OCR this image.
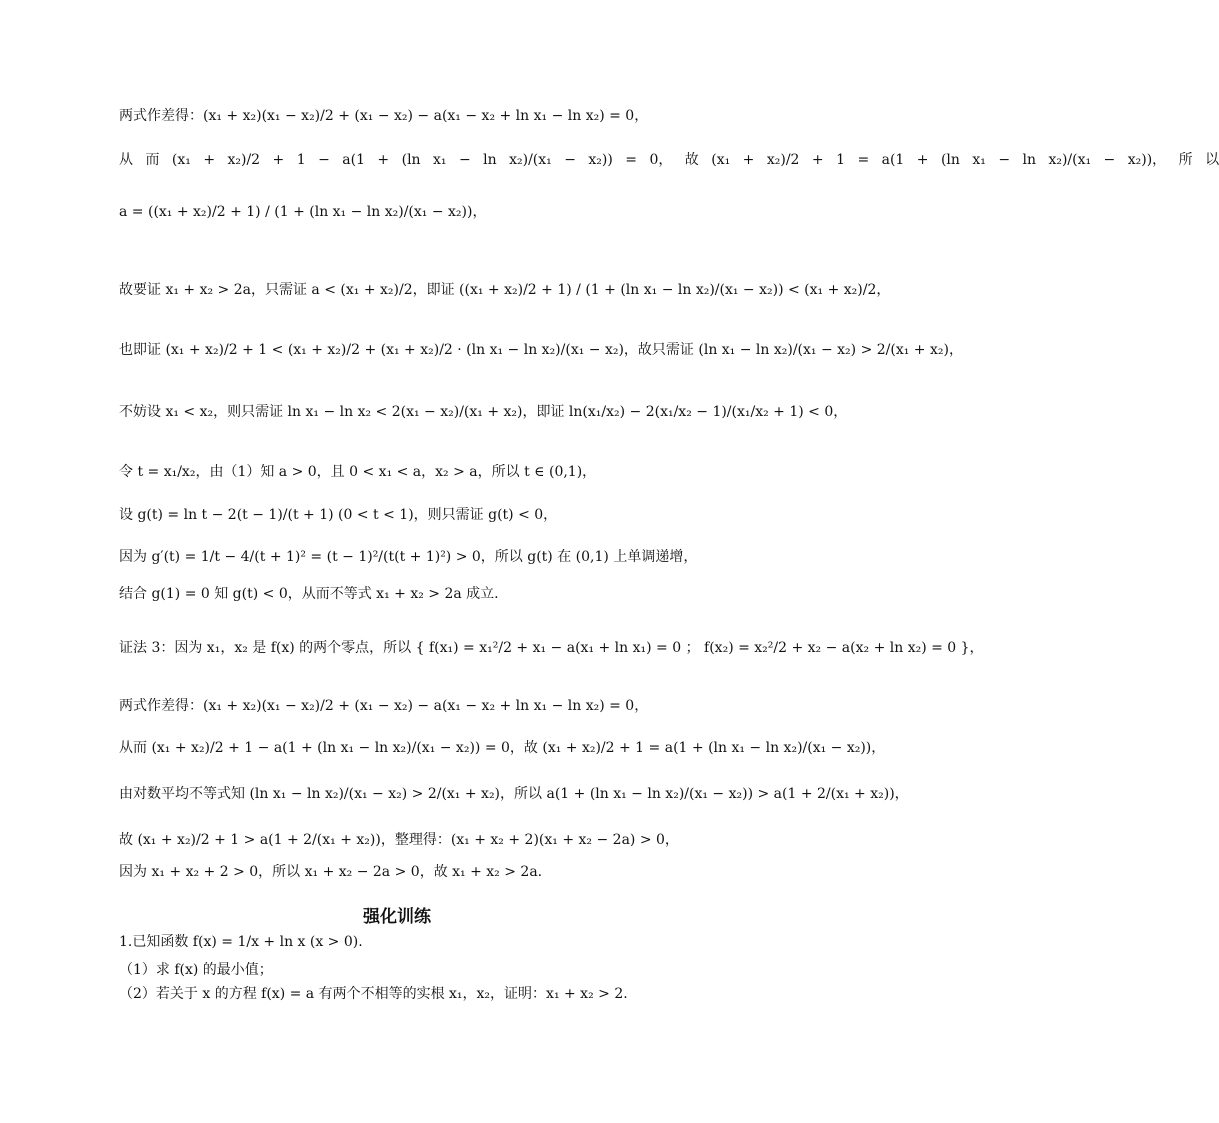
两式作差得：(x₁ + x₂)(x₁ − x₂)/2 + (x₁ − x₂) − a(x₁ − x₂ + ln x₁ − ln x₂) = 0，
从 而 (x₁ + x₂)/2 + 1 − a(1 + (ln x₁ − ln x₂)/(x₁ − x₂)) = 0， 故 (x₁ + x₂)/2 + 1 = a(1 + (ln x₁ − ln x₂)/(x₁ − x₂))， 所 以
a = ((x₁ + x₂)/2 + 1) / (1 + (ln x₁ − ln x₂)/(x₁ − x₂))，
故要证 x₁ + x₂ > 2a，只需证 a < (x₁ + x₂)/2，即证 ((x₁ + x₂)/2 + 1) / (1 + (ln x₁ − ln x₂)/(x₁ − x₂)) < (x₁ + x₂)/2，
也即证 (x₁ + x₂)/2 + 1 < (x₁ + x₂)/2 + (x₁ + x₂)/2 · (ln x₁ − ln x₂)/(x₁ − x₂)，故只需证 (ln x₁ − ln x₂)/(x₁ − x₂) > 2/(x₁ + x₂)，
不妨设 x₁ < x₂，则只需证 ln x₁ − ln x₂ < 2(x₁ − x₂)/(x₁ + x₂)，即证 ln(x₁/x₂) − 2(x₁/x₂ − 1)/(x₁/x₂ + 1) < 0，
令 t = x₁/x₂，由（1）知 a > 0，且 0 < x₁ < a，x₂ > a，所以 t ∈ (0,1)，
设 g(t) = ln t − 2(t − 1)/(t + 1) (0 < t < 1)，则只需证 g(t) < 0，
因为 g′(t) = 1/t − 4/(t + 1)² = (t − 1)²/(t(t + 1)²) > 0，所以 g(t) 在 (0,1) 上单调递增，
结合 g(1) = 0 知 g(t) < 0，从而不等式 x₁ + x₂ > 2a 成立.
证法 3：因为 x₁，x₂ 是 f(x) 的两个零点，所以 { f(x₁) = x₁²/2 + x₁ − a(x₁ + ln x₁) = 0 ； f(x₂) = x₂²/2 + x₂ − a(x₂ + ln x₂) = 0 }，
两式作差得：(x₁ + x₂)(x₁ − x₂)/2 + (x₁ − x₂) − a(x₁ − x₂ + ln x₁ − ln x₂) = 0，
从而 (x₁ + x₂)/2 + 1 − a(1 + (ln x₁ − ln x₂)/(x₁ − x₂)) = 0，故 (x₁ + x₂)/2 + 1 = a(1 + (ln x₁ − ln x₂)/(x₁ − x₂))，
由对数平均不等式知 (ln x₁ − ln x₂)/(x₁ − x₂) > 2/(x₁ + x₂)，所以 a(1 + (ln x₁ − ln x₂)/(x₁ − x₂)) > a(1 + 2/(x₁ + x₂))，
故 (x₁ + x₂)/2 + 1 > a(1 + 2/(x₁ + x₂))，整理得：(x₁ + x₂ + 2)(x₁ + x₂ − 2a) > 0，
因为 x₁ + x₂ + 2 > 0，所以 x₁ + x₂ − 2a > 0，故 x₁ + x₂ > 2a.
强化训练
1.已知函数 f(x) = 1/x + ln x (x > 0).
（1）求 f(x) 的最小值；
（2）若关于 x 的方程 f(x) = a 有两个不相等的实根 x₁，x₂，证明：x₁ + x₂ > 2.
